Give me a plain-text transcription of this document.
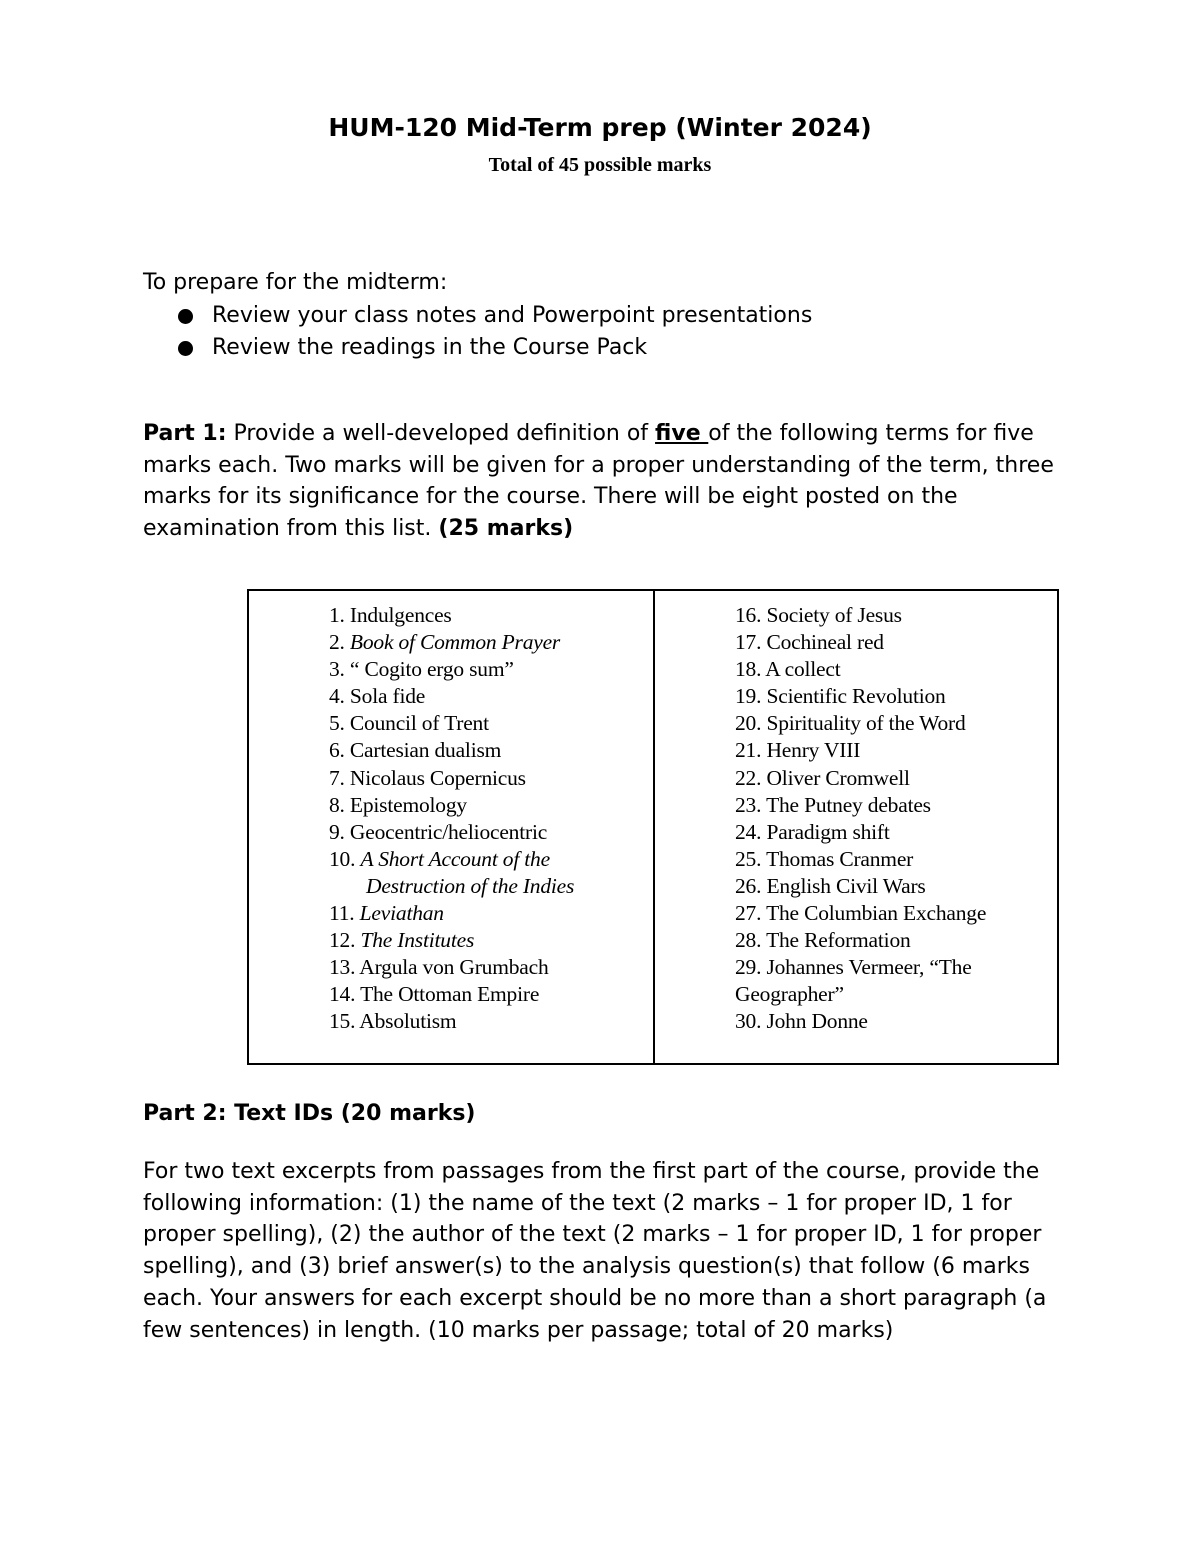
HUM-120 Mid-Term prep (Winter 2024)

Total of 45 possible marks

To prepare for the midterm:

Review your class notes and Powerpoint presentations
Review the readings in the Course Pack

Part 1: Provide a well-developed definition of five of the following terms for five marks each. Two marks will be given for a proper understanding of the term, three marks for its significance for the course. There will be eight posted on the examination from this list. (25 marks)

1. Indulgences
2. Book of Common Prayer
3. “ Cogito ergo sum”
4. Sola fide
5. Council of Trent
6. Cartesian dualism
7. Nicolaus Copernicus
8. Epistemology
9. Geocentric/heliocentric
10. A Short Account of the Destruction of the Indies
11. Leviathan
12. The Institutes
13. Argula von Grumbach
14. The Ottoman Empire
15. Absolutism
16. Society of Jesus
17. Cochineal red
18. A collect
19. Scientific Revolution
20. Spirituality of the Word
21. Henry VIII
22. Oliver Cromwell
23. The Putney debates
24. Paradigm shift
25. Thomas Cranmer
26. English Civil Wars
27. The Columbian Exchange
28. The Reformation
29. Johannes Vermeer, “The Geographer”
30. John Donne

Part 2: Text IDs (20 marks)

For two text excerpts from passages from the first part of the course, provide the following information: (1) the name of the text (2 marks – 1 for proper ID, 1 for proper spelling), (2) the author of the text (2 marks – 1 for proper ID, 1 for proper spelling), and (3) brief answer(s) to the analysis question(s) that follow (6 marks each. Your answers for each excerpt should be no more than a short paragraph (a few sentences) in length. (10 marks per passage; total of 20 marks)
